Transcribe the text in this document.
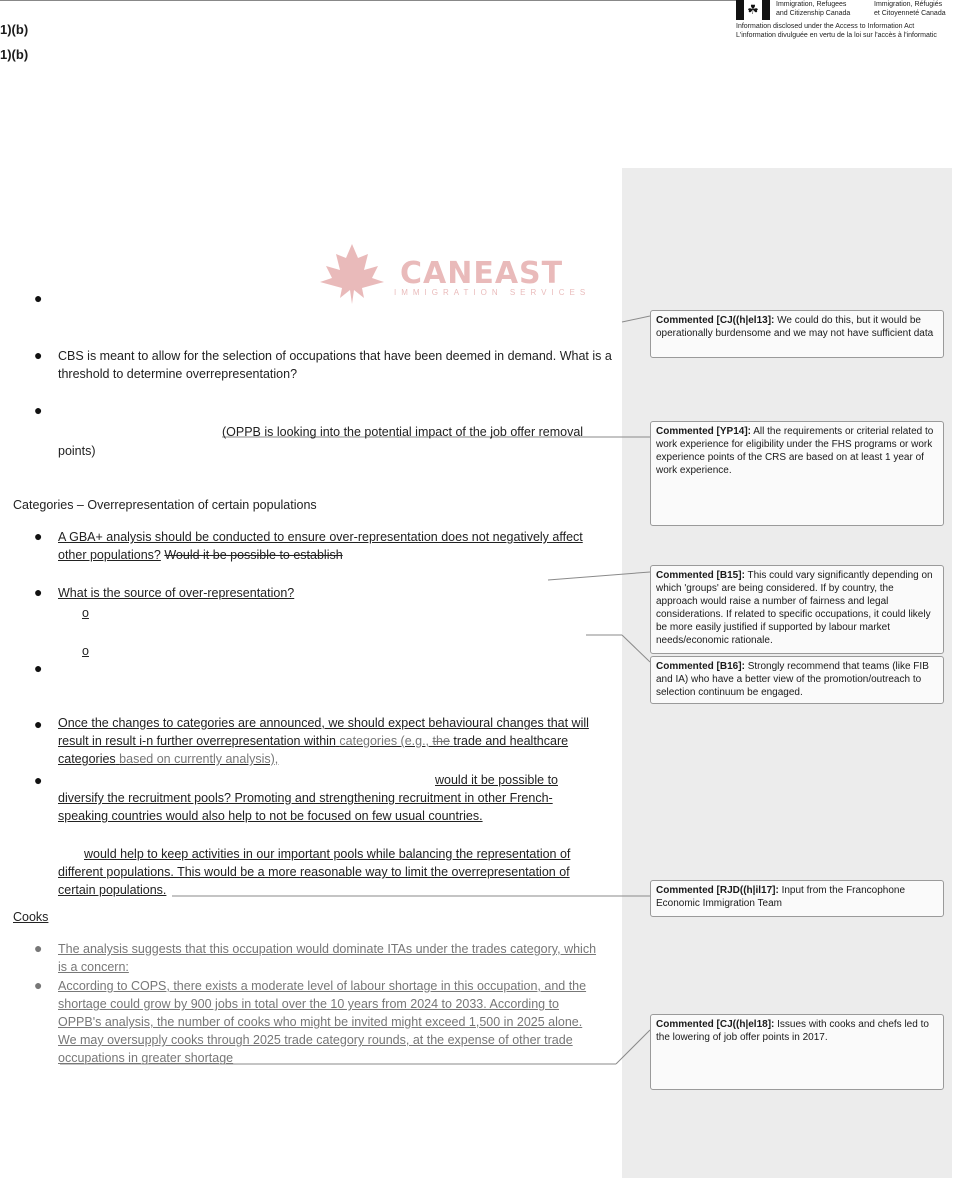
1)(b)
1)(b)
☘	Immigration, Refugees
and Citizenship Canada
Immigration, Réfugiés
et Citoyenneté Canada
Information disclosed under the Access to Information Act
L'information divulguée en vertu de la loi sur l'accès à l'informatic
CANEAST
IMMIGRATION SERVICES
●
● CBS is meant to allow for the selection of occupations that have been deemed in demand. What is a threshold to determine overrepresentation?
●
(OPPB is looking into the potential impact of the job offer removal
points)
Categories – Overrepresentation of certain populations
● A GBA+ analysis should be conducted to ensure over-representation does not negatively affect other populations? Would it be possible to establish
● What is the source of over-representation?
o
o
●
● Once the changes to categories are announced, we should expect behavioural changes that will
result in result i-n further overrepresentation within categories (e.g., the trade and healthcare
categories based on currently analysis),
●	would it be possible to
diversify the recruitment pools? Promoting and strengthening recruitment in other French-
speaking countries would also help to not be focused on few usual countries.
would help to keep activities in our important pools while balancing the representation of
different populations. This would be a more reasonable way to limit the overrepresentation of
certain populations.
Cooks
● The analysis suggests that this occupation would dominate ITAs under the trades category, which
is a concern:
● According to COPS, there exists a moderate level of labour shortage in this occupation, and the
shortage could grow by 900 jobs in total over the 10 years from 2024 to 2033. According to
OPPB's analysis, the number of cooks who might be invited might exceed 1,500 in 2025 alone.
We may oversupply cooks through 2025 trade category rounds, at the expense of other trade
occupations in greater shortage
Commented [CJ((h|el13]: We could do this, but it would be operationally burdensome and we may not have sufficient data
Commented [YP14]: All the requirements or criterial related to work experience for eligibility under the FHS programs or work experience points of the CRS are based on at least 1 year of work experience.
Commented [B15]: This could vary significantly depending on which 'groups' are being considered. If by country, the approach would raise a number of fairness and legal considerations. If related to specific occupations, it could likely be more easily justified if supported by labour market needs/economic rationale.
Commented [B16]: Strongly recommend that teams (like FIB and IA) who have a better view of the promotion/outreach to selection continuum be engaged.
Commented [RJD((h|il17]: Input from the Francophone Economic Immigration Team
Commented [CJ((h|el18]: Issues with cooks and chefs led to the lowering of job offer points in 2017.
